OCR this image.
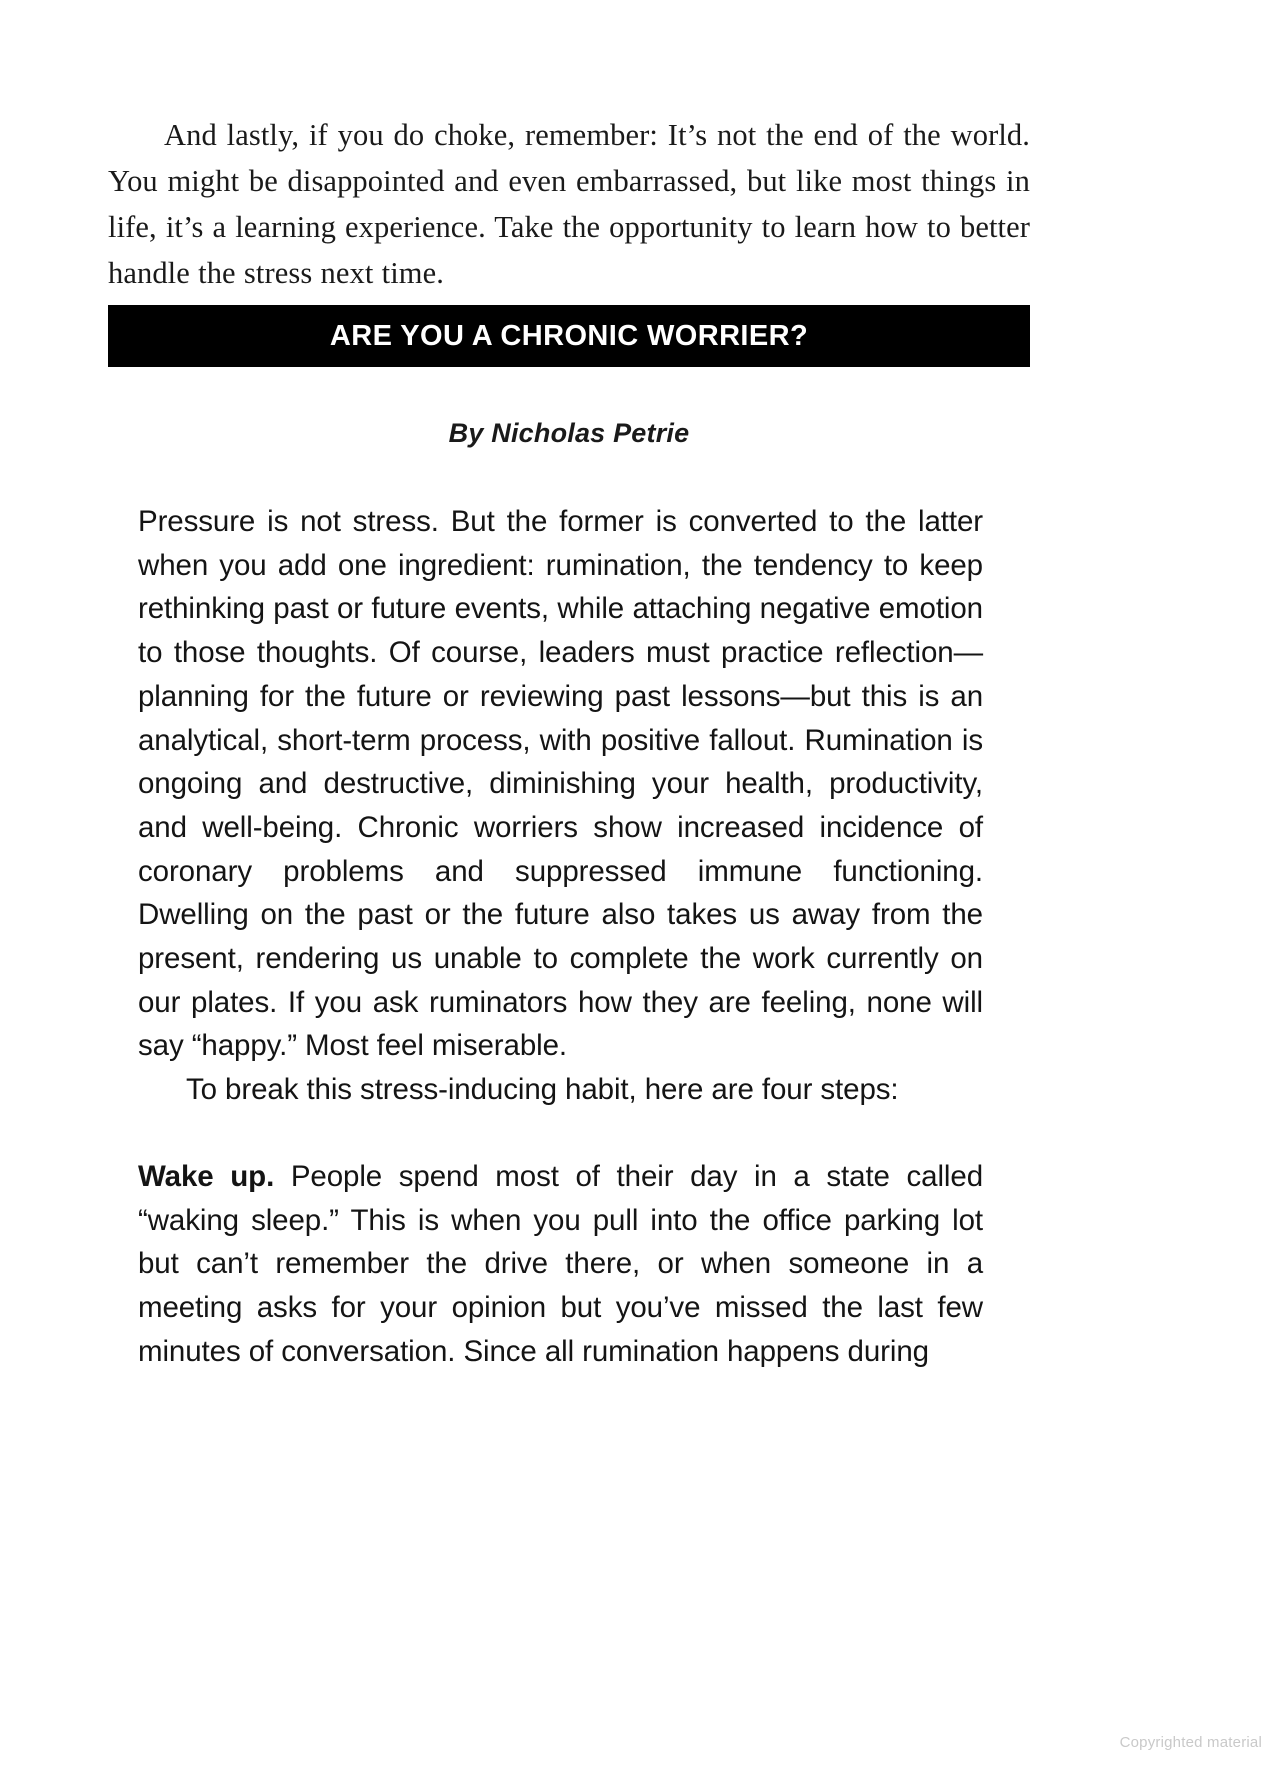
And lastly, if you do choke, remember: It’s not the end of the world. You might be disappointed and even embarrassed, but like most things in life, it’s a learning experience. Take the opportunity to learn how to better handle the stress next time.

ARE YOU A CHRONIC WORRIER?
By Nicholas Petrie

Pressure is not stress. But the former is converted to the latter when you add one ingredient: rumination, the tendency to keep rethinking past or future events, while attaching negative emotion to those thoughts. Of course, leaders must practice reflection—planning for the future or reviewing past lessons—but this is an analytical, short-term process, with positive fallout. Rumination is ongoing and destructive, diminishing your health, productivity, and well-being. Chronic worriers show increased incidence of coronary problems and suppressed immune functioning. Dwelling on the past or the future also takes us away from the present, rendering us unable to complete the work currently on our plates. If you ask ruminators how they are feeling, none will say “happy.” Most feel miserable.

To break this stress-inducing habit, here are four steps:

Wake up. People spend most of their day in a state called “waking sleep.” This is when you pull into the office parking lot but can’t remember the drive there, or when someone in a meeting asks for your opinion but you’ve missed the last few minutes of conversation. Since all rumination happens during

Copyrighted material
